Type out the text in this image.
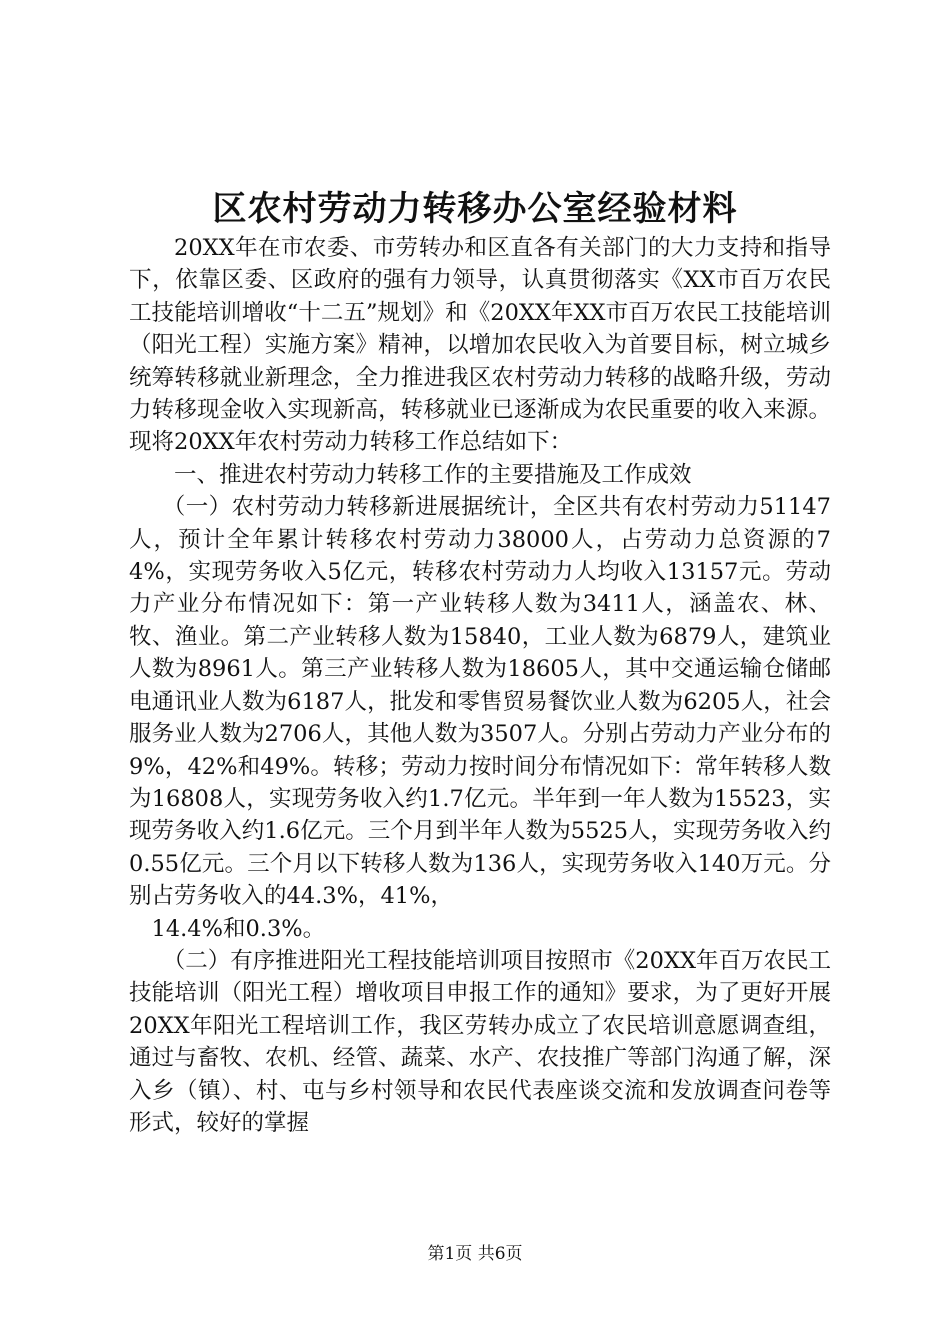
区农村劳动力转移办公室经验材料

20XX年在市农委、市劳转办和区直各有关部门的大力支持和指导下，依靠区委、区政府的强有力领导，认真贯彻落实《XX市百万农民工技能培训增收“十二五”规划》和《20XX年XX市百万农民工技能培训（阳光工程）实施方案》精神，以增加农民收入为首要目标，树立城乡统筹转移就业新理念，全力推进我区农村劳动力转移的战略升级，劳动力转移现金收入实现新高，转移就业已逐渐成为农民重要的收入来源。现将20XX年农村劳动力转移工作总结如下：

一、推进农村劳动力转移工作的主要措施及工作成效

（一）农村劳动力转移新进展据统计，全区共有农村劳动力51147人，预计全年累计转移农村劳动力38000人，占劳动力总资源的74%，实现劳务收入5亿元，转移农村劳动力人均收入13157元。劳动力产业分布情况如下：第一产业转移人数为3411人，涵盖农、林、牧、渔业。第二产业转移人数为15840，工业人数为6879人，建筑业人数为8961人。第三产业转移人数为18605人，其中交通运输仓储邮电通讯业人数为6187人，批发和零售贸易餐饮业人数为6205人，社会服务业人数为2706人，其他人数为3507人。分别占劳动力产业分布的9%，42%和49%。转移；劳动力按时间分布情况如下：常年转移人数为16808人，实现劳务收入约1.7亿元。半年到一年人数为15523，实现劳务收入约1.6亿元。三个月到半年人数为5525人，实现劳务收入约0.55亿元。三个月以下转移人数为136人，实现劳务收入140万元。分别占劳务收入的44.3%，41%，

14.4%和0.3%。

（二）有序推进阳光工程技能培训项目按照市《20XX年百万农民工技能培训（阳光工程）增收项目申报工作的通知》要求，为了更好开展20XX年阳光工程培训工作，我区劳转办成立了农民培训意愿调查组，通过与畜牧、农机、经管、蔬菜、水产、农技推广等部门沟通了解，深入乡（镇）、村、屯与乡村领导和农民代表座谈交流和发放调查问卷等形式，较好的掌握

第1页 共6页
